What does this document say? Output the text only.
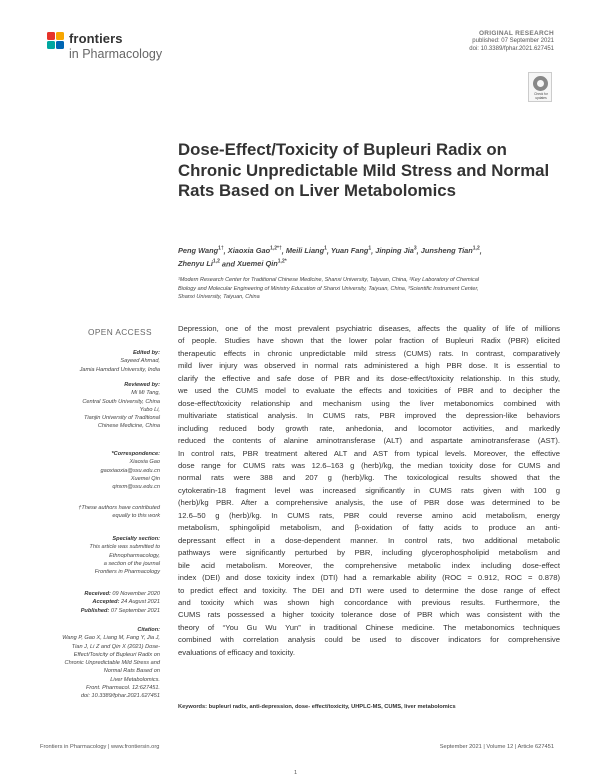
frontiers
in Pharmacology
ORIGINAL RESEARCH
published: 07 September 2021
doi: 10.3389/fphar.2021.627451
Check for
updates
Dose-Effect/Toxicity of Bupleuri Radix on Chronic Unpredictable Mild Stress and Normal Rats Based on Liver Metabolomics
Peng Wang$^{1\dagger}$, Xiaoxia Gao$^{1,2*\dagger}$, Meili Liang$^1$, Yuan Fang$^1$, Jinping Jia$^3$, Junsheng Tian$^{1,2}$,
Zhenyu Li$^{1,2}$ and Xuemei Qin$^{1,2*}$
¹Modern Research Center for Traditional Chinese Medicine, Shanxi University, Taiyuan, China, ²Key Laboratory of Chemical
Biology and Molecular Engineering of Ministry Education of Shanxi University, Taiyuan, China, ³Scientific Instrument Center,
Shanxi University, Taiyuan, China
OPEN ACCESS
Edited by:
Sayeed Ahmad,
Jamia Hamdard University, India
Reviewed by:
Mi Mi Tang,
Central South University, China
Yubo Li,
Tianjin University of Traditional
Chinese Medicine, China
*Correspondence:
Xiaoxia Gao
gaoxiaoxia@sxu.edu.cn
Xuemei Qin
qinxm@sxu.edu.cn
†These authors have contributed
equally to this work
Specialty section:
This article was submitted to
Ethnopharmacology,
a section of the journal
Frontiers in Pharmacology
Received: 09 November 2020
Accepted: 24 August 2021
Published: 07 September 2021
Citation:
Wang P, Gao X, Liang M, Fang Y, Jia J,
Tian J, Li Z and Qin X (2021) Dose-
Effect/Toxicity of Bupleuri Radix on
Chronic Unpredictable Mild Stress and
Normal Rats Based on
Liver Metabolomics.
Front. Pharmacol. 12:627451.
doi: 10.3389/fphar.2021.627451
Depression, one of the most prevalent psychiatric diseases, affects the quality of life of millions
of people. Studies have shown that the lower polar fraction of Bupleuri Radix (PBR) elicited
therapeutic effects in chronic unpredictable mild stress (CUMS) rats. In contrast, comparatively
mild liver injury was observed in normal rats administered a high PBR dose. It is essential to
clarify the effective and safe dose of PBR and its dose-effect/toxicity relationship. In this study,
we used the CUMS model to evaluate the effects and toxicities of PBR and to decipher the
dose-effect/toxicity relationship and mechanism using the liver metabonomics combined with
multivariate statistical analysis. In CUMS rats, PBR improved the depression-like behaviors
including reduced body growth rate, anhedonia, and locomotor activities, and markedly
reduced the contents of alanine aminotransferase (ALT) and aspartate aminotransferase (AST).
In control rats, PBR treatment altered ALT and AST from typical levels. Moreover, the effective
dose range for CUMS rats was 12.6–163 g (herb)/kg, the median toxicity dose for CUMS and
normal rats were 388 and 207 g (herb)/kg. The toxicological results showed that the
cytokeratin-18 fragment level was increased significantly in CUMS rats given with 100 g
(herb)/kg PBR. After a comprehensive analysis, the use of PBR dose was determined to be
12.6–50 g (herb)/kg. In CUMS rats, PBR could reverse amino acid metabolism, energy
metabolism, sphingolipid metabolism, and β-oxidation of fatty acids to produce an anti-
depressant effect in a dose-dependent manner. In control rats, two additional metabolic
pathways were significantly perturbed by PBR, including glycerophospholipid metabolism and
bile acid metabolism. Moreover, the comprehensive metabolic index including dose-effect
index (DEI) and dose toxicity index (DTI) had a remarkable ability (ROC = 0.912, ROC = 0.878)
to predict effect and toxicity. The DEI and DTI were used to determine the dose range of effect
and toxicity which was shown high concordance with previous results. Furthermore, the
CUMS rats possessed a higher toxicity tolerance dose of PBR which was consistent with the
theory of “You Gu Wu Yun” in traditional Chinese medicine. The metabonomics techniques
combined with correlation analysis could be used to discover indicators for comprehensive
evaluations of efficacy and toxicity.
Keywords: bupleuri radix, anti-depression, dose- effect/toxicity, UHPLC-MS, CUMS, liver metabolomics
Frontiers in Pharmacology | www.frontiersin.org	September 2021 | Volume 12 | Article 627451
1
